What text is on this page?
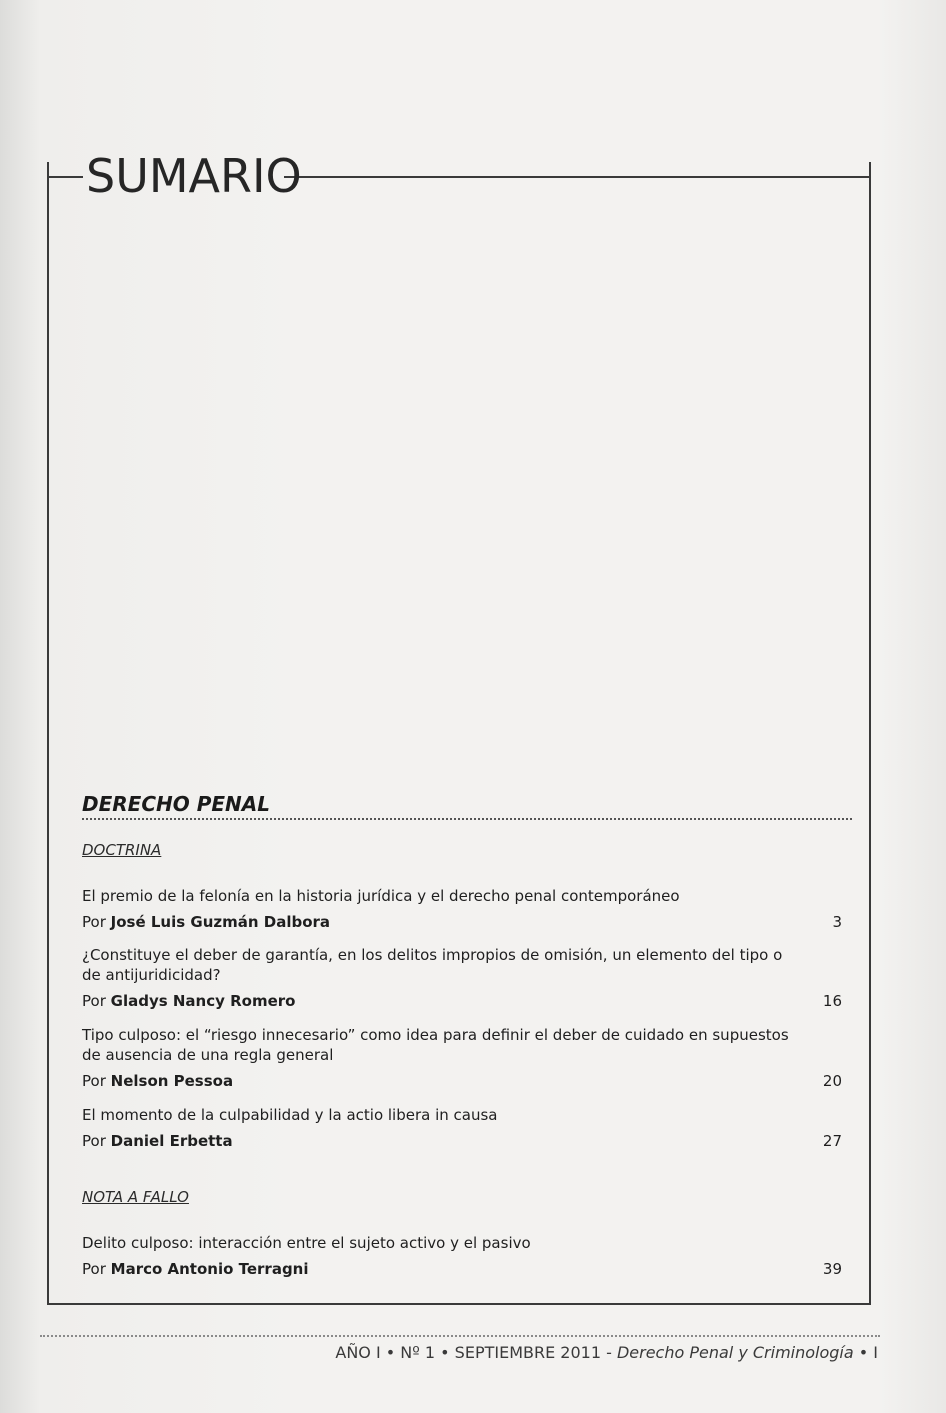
SUMARIO
DERECHO PENAL
DOCTRINA
El premio de la felonía en la historia jurídica y el derecho penal contemporáneo
Por José Luis Guzmán Dalbora	3
¿Constituye el deber de garantía, en los delitos impropios de omisión, un elemento del tipo o de antijuridicidad?
Por Gladys Nancy Romero	16
Tipo culposo: el “riesgo innecesario” como idea para definir el deber de cuidado en supuestos de ausencia de una regla general
Por Nelson Pessoa	20
El momento de la culpabilidad y la actio libera in causa
Por Daniel Erbetta	27
NOTA A FALLO
Delito culposo: interacción entre el sujeto activo y el pasivo
Por Marco Antonio Terragni	39
AÑO I • Nº 1 • SEPTIEMBRE 2011 - Derecho Penal y Criminología • I
